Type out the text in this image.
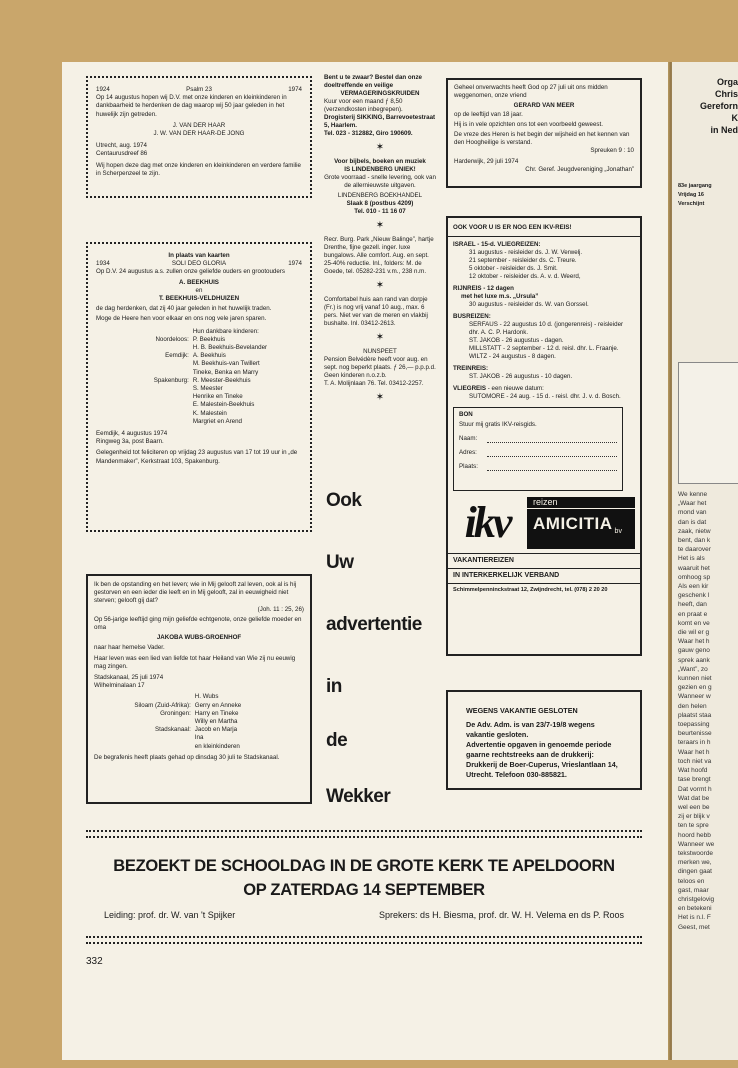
Orga
Chris
Gereforn
K
in Ned
83e jaargang
Vrijdag 16
Verschijnt
We kenne
„Waar het
mond van
dan is dat
zaak, nietw
bent, dan k
te daarover
Het is als
waaruit het
omhoog sp
Als een kir
geschenk l
heeft, dan
en praat e
komt en ve
die wil er g
Waar het h
gauw geno
sprek aank
„Want”, zo
kunnen niet
gezien en g
Wanneer w
den helen
plaatst staa
toepassing
beurtenisse
teraars in h
Waar het h
toch niet va
Wat hoofd
tase brengt
Dat vormt h
Wat dat be
wel een be
zij er blijk v
ten te spre
hoord hebb
Wanneer we
tekstwoorde
merken we,
dingen gaat
teloos en
gast, maar
christgelovig
en betekeni
Het is n.l. F
Geest, met
1924	Psalm 23	1974
Op 14 augustus hopen wij D.V. met onze kinderen en kleinkinderen in dankbaarheid te herdenken de dag waarop wij 50 jaar geleden in het huwelijk zijn getreden.
J. VAN DER HAAR
J. W. VAN DER HAAR-DE JONG
Utrecht, aug. 1974
Centaurusdreef 86
Wij hopen deze dag met onze kinderen en kleinkinderen en verdere familie in Scherpenzeel te zijn.
In plaats van kaarten
1934	SOLI DEO GLORIA	1974
Op D.V. 24 augustus a.s. zullen onze geliefde ouders en grootouders
A. BEEKHUIS
en
T. BEEKHUIS-VELDHUIZEN
de dag herdenken, dat zij 40 jaar geleden in het huwelijk traden.
Moge de Heere hen voor elkaar en ons nog vele jaren sparen.
Hun dankbare kinderen:
Noordeloos: P. Beekhuis
H. B. Beekhuis-Bevelander
Eemdijk: A. Beekhuis
M. Beekhuis-van Twillert
Tineke, Benka en Marry
Spakenburg: R. Meester-Beekhuis
S. Meester
Henrike en Tineke
E. Malestein-Beekhuis
K. Malestein
Margriet en Arend
Eemdijk, 4 augustus 1974
Ringweg 3a, post Baarn.
Gelegenheid tot feliciteren op vrijdag 23 augustus van 17 tot 19 uur in „de Mandenmaker”, Kerkstraat 103, Spakenburg.
Ik ben de opstanding en het leven; wie in Mij gelooft zal leven, ook al is hij gestorven en een ieder die leeft en in Mij gelooft, zal in eeuwigheid niet sterven; gelooft gij dat?
(Joh. 11 : 25, 26)
Op 56-jarige leeftijd ging mijn geliefde echtgenote, onze geliefde moeder en oma
JAKOBA WUBS-GROENHOF
naar haar hemelse Vader.
Haar leven was een lied van liefde tot haar Heiland van Wie zij nu eeuwig mag zingen.
Stadskanaal, 25 juli 1974
Wilhelminalaan 17
H. Wubs
Siloam (Zuid-Afrika): Gerry en Anneke
Groningen: Harry en Tineke
Willy en Martha
Stadskanaal: Jacob en Marja
Ina
en kleinkinderen
De begrafenis heeft plaats gehad op dinsdag 30 juli te Stadskanaal.
Bent u te zwaar? Bestel dan onze doeltreffende en veilige
VERMAGERINGSKRUIDEN
Kuur voor een maand ƒ 8,50 (verzendkosten inbegrepen).
Drogisterij SIKKING, Barrevoetestraat 5, Haarlem.
Tel. 023 - 312882, Giro 190609.
✶
Voor bijbels, boeken en muziek
IS LINDENBERG UNIEK!
Grote voorraad - snelle levering, ook van de allernieuwste uitgaven.
LINDENBERG BOEKHANDEL
Slaak 8 (postbus 4209)
Tel. 010 - 11 16 07
✶
Recr. Burg. Park „Nieuw Balinge”, hartje Drenthe, fijne gezell. inger. luxe bungalows. Alle comfort. Aug. en sept. 25-40% reductie. Inl., folders: M. de Goede, tel. 05282-231 v.m., 238 n.m.
✶
Comfortabel huis aan rand van dorpje (Fr.) is nog vrij vanaf 10 aug., max. 6 pers. Niet ver van de meren en vlakbij bushalte. Inl. 03412-2613.
✶
NUNSPEET
Pension Belvédère heeft voor aug. en sept. nog beperkt plaats. ƒ 26,— p.p.p.d. Geen kinderen n.o.z.b.
T. A. Molijnlaan 76. Tel. 03412-2257.
✶
Ook
Uw
advertentie
in
de
Wekker
Geheel onverwachts heeft God op 27 juli uit ons midden weggenomen, onze vriend
GERARD VAN MEER
op de leeftijd van 18 jaar.
Hij is in vele opzichten ons tot een voorbeeld geweest.
De vreze des Heren is het begin der wijsheid en het kennen van den Hoogheilige is verstand.
Spreuken 9 : 10
Harderwijk, 29 juli 1974
Chr. Geref. Jeugdvereniging „Jonathan”
OOK VOOR U IS ER NOG EEN IKV-REIS!
ISRAEL - 15-d. VLIEGREIZEN:
31 augustus - reisleider ds. J. W. Verwelj.
21 september - reisleider ds. C. Treure.
5 oktober - reisleider ds. J. Smit.
12 oktober - reisleider ds. A. v. d. Weerd,
RIJNREIS - 12 dagen
met het luxe m.s. „Ursula”
30 augustus - reisleider ds. W. van Gorssel.
BUSREIZEN:
SERFAUS - 22 augustus 10 d. (jongerenreis) - reisleider dhr. A. C. P. Hardonk.
ST. JAKOB - 26 augustus - dagen.
MILLSTATT - 2 september - 12 d. reisl. dhr. L. Fraanje.
WILTZ - 24 augustus - 8 dagen.
TREINREIS:
ST. JAKOB - 26 augustus - 10 dagen.
VLIEGREIS - een nieuwe datum:
SUTOMORE - 24 aug. - 15 d. - reisl. dhr. J. v. d. Bosch.
BON
Stuur mij gratis IKV-reisgids.
Naam:
Adres:
Plaats:
ikv	reizen
AMICITIA bv
VAKANTIEREIZEN
IN INTERKERKELIJK VERBAND
Schimmelpenninckstraat 12, Zwijndrecht, tel. (078) 2 20 20
WEGENS VAKANTIE GESLOTEN
De Adv. Adm. is van 23/7-19/8 wegens vakantie gesloten.
Advertentie opgaven in genoemde periode gaarne rechtstreeks aan de drukkerij:
Drukkerij de Boer-Cuperus, Vrieslantlaan 14, Utrecht. Telefoon 030-885821.
BEZOEKT DE SCHOOLDAG IN DE GROTE KERK TE APELDOORN
OP ZATERDAG 14 SEPTEMBER
Leiding: prof. dr. W. van 't Spijker	Sprekers: ds H. Biesma, prof. dr. W. H. Velema en ds P. Roos
332
